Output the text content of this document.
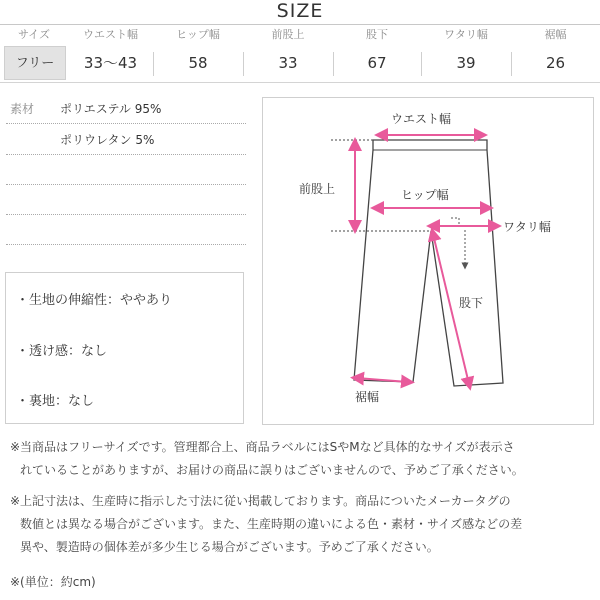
SIZE
サイズ	ウエスト幅	ヒップ幅	前股上	股下	ワタリ幅	裾幅
フリー	33〜43	58	33	67	39	26
素材 ポリエステル 95%
ポリウレタン 5%
・生地の伸縮性：ややあり
・透け感：なし
・裏地：なし
ウエスト幅
前股上	ヒップ幅
ワタリ幅
股下
裾幅
※当商品はフリーサイズです。管理都合上、商品ラベルにはSやMなど具体的なサイズが表示さ
れていることがありますが、お届けの商品に誤りはございませんので、予めご了承ください。
※上記寸法は、生産時に指示した寸法に従い掲載しております。商品についたメーカータグの
数値とは異なる場合がございます。また、生産時期の違いによる色・素材・サイズ感などの差
異や、製造時の個体差が多少生じる場合がございます。予めご了承ください。
※(単位：約cm)
